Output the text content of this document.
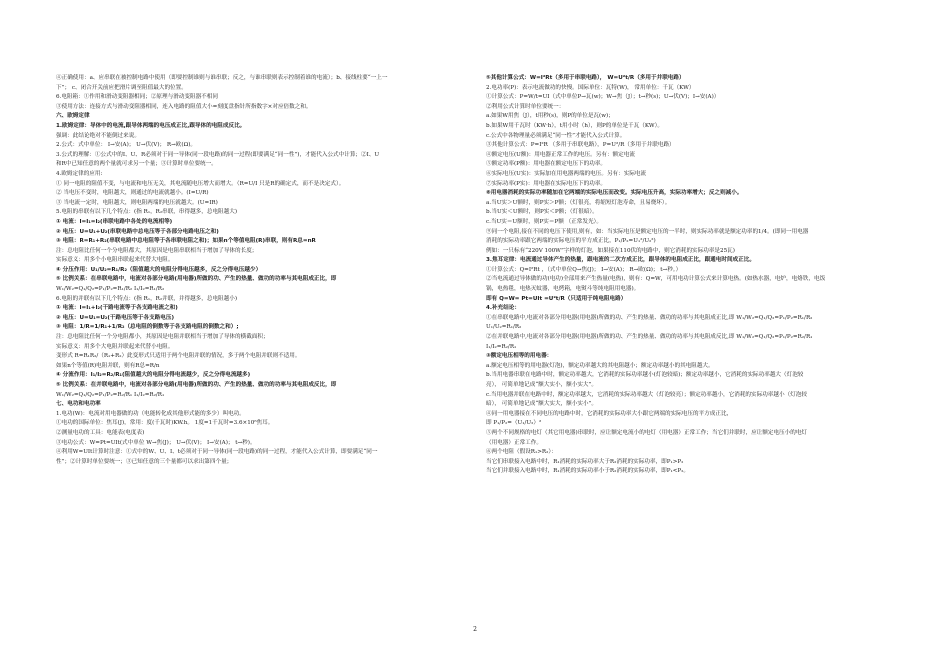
④正确使用：a、应串联在被控制电路中使用（即要控制谁则与谁串联；反之，与谁串联则表示控制着谁的电流）；b、接线柱要“一上一
下”； c、闭合开关前应把滑片调至阻值最大的位置。
6.电阻箱：①作用和滑动变阻器相同；②原理与滑动变阻器不相同
③使用方法：连接方式与滑动变阻器相同，连入电路的阻值大小=刻度盘指针所指数字×对应倍数之和。
六、欧姆定律
1.欧姆定律：导体中的电流,跟导体两端的电压成正比,跟导体的电阻成反比。
强调：此结论绝对不能倒过来说。
2.公式：式中单位： I→安(A)； U→伏(V)； R→欧(Ω)。
3.公式的理解：①公式中的I、U、R必须对于同一导体(同一段电路)的同一过程(即要满足“同一性”)，才能代入公式中计算；②I、U
和R中已知任意的两个量就可求另一个量；③计算时单位要统一。
4.欧姆定律的应用:
① 同一电阻的阻值不变，与电流和电压无关，其电流随电压增大而增大。（R=U/I 只是R的确定式，而不是决定式）。
② 当电压不变时，电阻越大，则通过的电流就越小。(I=U/R)
③ 当电流一定时，电阻越大，则电阻两端的电压就越大。(U=IR)
5.电阻的串联有以下几个特点：(指 R₁，R₂串联，串得越多，总电阻越大)
① 电流：I=I₁=I₂(串联电路中各处的电流相等)
② 电压：U=U₁+U₂(串联电路中总电压等于各部分电路电压之和)
③ 电阻：R=R₁+R₂(串联电路中总电阻等于各串联电阻之和)；如果n个等值电阻(R)串联，则有R总=nR
注：总电阻比任何一个分电阻都大，其原因是电阻串联相当于增加了导体的长度；
实际意义：用多个小电阻串联起来代替大电阻。
④ 分压作用：U₁/U₂=R₁/R₂（阻值越大的电阻分得电压越多，反之分得电压越少）
⑤ 比例关系：在串联电路中，电流对各部分电路(用电器)所做的功、产生的热量、做功的功率与其电阻成正比，即
W₁/W₂=Q₁/Q₂=P₁/P₂=R₁/R₂ I₁/I₂=R₁/R₂
6.电阻的并联有以下几个特点：(指 R₁，R₂并联，并得越多，总电阻越小)
① 电流：I=I₁+I₂(干路电流等于各支路电流之和)
② 电压：U=U₁=U₂(干路电压等于各支路电压)
③ 电阻：1/R=1/R₁+1/R₂（总电阻的倒数等于各支路电阻的倒数之和）;
注：总电阻比任何一个分电阻都小，其原因是电阻并联相当于增加了导体的横截面积；
实际意义：用多个大电阻并联起来代替小电阻。
变形式 R=R₁R₂/（R₁+R₂）此变形式只适用于两个电阻并联的情况，多于两个电阻并联则不适用。
如果n个等值(R)电阻并联，则有R总=R/n
④ 分流作用：I₁/I₂=R₂/R₁(阻值越大的电阻分得电流越少，反之分得电流越多)
⑤ 比例关系：在并联电路中，电流对各部分电路(用电器)所做的功、产生的热量、做功的功率与其电阻成反比，即
W₁/W₂=Q₁/Q₂=P₁/P₂=R₂/R₁ I₁/I₂=R₂/R₁
七、电功和电功率
1.电功(W)：电流对用电器做的功（电能转化成其他形式能的多少）叫电功。
①电功的国际单位：焦耳(J)，常用：度(千瓦时)KW.h。 1度=1千瓦时=3.6×10⁶焦耳。
②测量电功的工具：电能表(电度表)
③电功公式：W=Pt=UIt(式中单位 W→焦(J)； U→伏(V)； I→安(A)； t→秒)。
④利用W=UIt计算时注意：①式中的W、U、I、t必须对于同一导体(同一段电路)的同一过程，才能代入公式计算，即要满足“同一
性”；②计算时单位要统一；③已知任意的三个量都可以求出第四个量；
⑤其他计算公式：W=I²Rt（多用于串联电路）， W=U²t/R（多用于并联电路）
2.电功率(P)：表示电流做功的快慢。国际单位：瓦特(W)， 常用单位：千瓦（KW）
①计算公式：P=W/t=UI（式中单位P→瓦(w)；W→焦（J）；t→秒(s)；U→伏(V)；I→安(A)）
②利用公式计算时单位要统一：
a.如果W用焦（J），t用秒(s)，则P的单位是瓦(w)；
b.如果W用千瓦时（KW·h），t用小时（h），则P的单位是千瓦（KW）。
c.公式中各物理量必须满足“同一性”才能代入公式计算。
③其他计算公式：P=I²R （多用于串联电路），P=U²/R（多用于并联电路）
④额定电压(U额)：用电器正常工作的电压。另有：额定电流
⑤额定功率(P额)：用电器在额定电压下的功率。
⑥实际电压(U实)：实际加在用电器两端的电压。另有：实际电流
⑦实际功率(P实)：用电器在实际电压下的功率。
⑧用电器消耗的实际功率随加在它两端的实际电压而改变。实际电压升高，实际功率增大；反之则减小。
a.当U实＞U额时，则P实＞P额；（灯很亮，将缩短灯泡寿命，且易烧坏）。
b.当U实＜U额时，则P实＜P额；（灯很暗）。
c.当U实＝U额时，则P实＝P额 （正常发光）。
⑨同一个电阻,接在不同的电压下使用,则有，如：当实际电压是额定电压的一半时，则实际功率就是额定功率的1/4。(即同一用电器
消耗的实际功率跟它两端的实际电压的平方成正比，P₁/P₂=U₁²/U₂²)
例如：一只标有“220V 100W”字样的灯泡，如果接在110伏的电路中，则它消耗的实际功率是25瓦)
3.焦耳定律：电流通过导体产生的热量，跟电流的二次方成正比，跟导体的电阻成正比，跟通电时间成正比。
①计算公式：Q=I²Rt ，（式中单位Q→焦(J)； I→安(A)； R→欧(Ω)； t→秒。）
②当电流通过导体做的功(电功)全部用来产生热量(电热)，则有：Q=W，可用电功计算公式来计算电热。(如热水器，电炉，电烙铁，电饭
锅，电热毯，电热灭蚊器，电烤箱，电熨斗等纯电阻用电器)。
即有 Q=W= Pt=UIt =U²t/R（只适用于纯电阻电路）
4.补充结论：
①在串联电路中,电流对各部分用电器(用电器)所做的功、产生的热量、做功的功率与其电阻成正比,即 W₁/W₂=Q₁/Q₂=P₁/P₂=R₁/R₂
U₁/U₂=R₁/R₂
②在并联电路中,电流对各部分用电器(用电器)所做的功、产生的热量、做功的功率与其电阻成反比,即 W₁/W₂=Q₁/Q₂=P₁/P₂=R₂/R₁
I₁/I₂=R₂/R₁
③额定电压相等的用电器：
a.额定电压相等的用电器(灯泡)，额定功率越大的其电阻越小；额定功率越小的其电阻越大。
b.当用电器串联在电路中时，额定功率越大，它消耗的实际功率越小(灯泡较暗)；额定功率越小，它消耗的实际功率越大（灯泡较
亮）， 可简单地记成“额大实小，额小实大”。
c.当用电器并联在电路中时，额定功率越大，它消耗的实际功率越大（灯泡较亮）；额定功率越小，它消耗的实际功率越小（灯泡较
暗）， 可简单地记成“额大实大，额小实小”。
④同一用电器接在不同电压的电路中时，它消耗的实际功率大小跟它两端的实际电压的平方成正比，
即 P₁/P₂=（U₁/U₂）²
⑤两个不同规格的电灯（其它用电器)串联时，应让额定电流小的电灯（用电器）正常工作；当它们并联时，应让额定电压小的电灯
（用电器）正常工作。
⑥两个电阻（假设R₁>R₂）：
当它们串联接入电路中时，R₁消耗的实际功率大于R₂消耗的实际功率，即P₁>P₂
当它们并联接入电路中时，R₁消耗的实际功率小于R₂消耗的实际功率，即P₁<P₂。
2
